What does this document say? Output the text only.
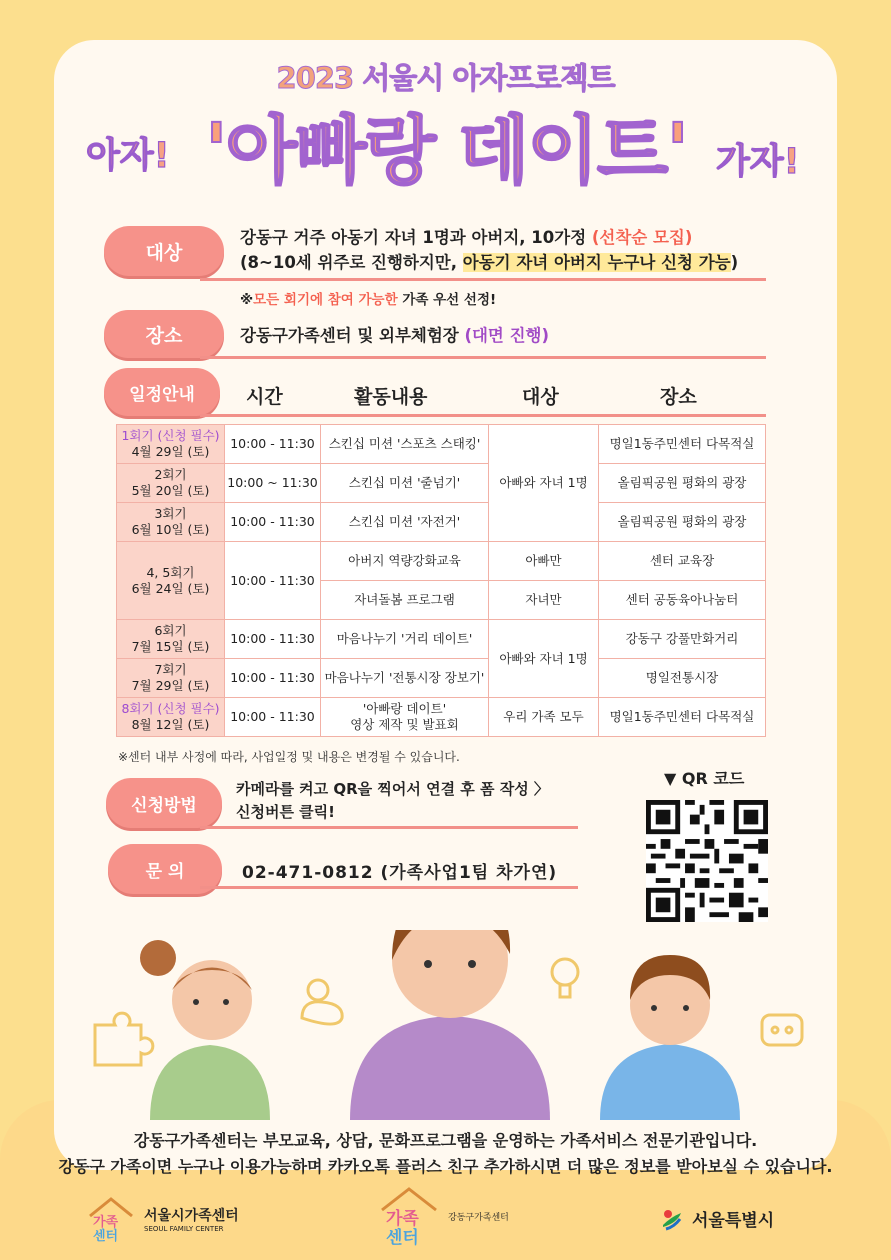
2023 서울시 아자프로젝트
아자! '아빠랑 데이트' 가자!
대상
강동구 거주 아동기 자녀 1명과 아버지, 10가정 (선착순 모집)
(8~10세 위주로 진행하지만, 아동기 자녀 아버지 누구나 신청 가능)
※모든 회기에 참여 가능한 가족 우선 선정!
장소	강동구가족센터 및 외부체험장 (대면 진행)
일정안내	시간	활동내용	대상	장소
1회기 (신청 필수)
4월 29일 (토)	10:00 - 11:30	스킨십 미션 '스포츠 스태킹'	아빠와 자녀 1명	명일1동주민센터 다목적실
2회기
5월 20일 (토)	10:00 ~ 11:30	스킨십 미션 '줄넘기'		올림픽공원 평화의 광장
3회기
6월 10일 (토)	10:00 - 11:30	스킨십 미션 '자전거'		올림픽공원 평화의 광장
4, 5회기
6월 24일 (토)	10:00 - 11:30	아버지 역량강화교육	아빠만	센터 교육장
		자녀돌봄 프로그램	자녀만	센터 공동육아나눔터
6회기
7월 15일 (토)	10:00 - 11:30	마음나누기 '거리 데이트'	아빠와 자녀 1명	강동구 강풀만화거리
7회기
7월 29일 (토)	10:00 - 11:30	마음나누기 '전통시장 장보기'		명일전통시장
8회기 (신청 필수)
8월 12일 (토)	10:00 - 11:30	'아빠랑 데이트'
영상 제작 및 발표회	우리 가족 모두	명일1동주민센터 다목적실
※센터 내부 사정에 따라, 사업일정 및 내용은 변경될 수 있습니다.
신청방법
카메라를 켜고 QR을 찍어서 연결 후 폼 작성 〉
신청버튼 클릭!
▼ QR 코드
문 의	02-471-0812 (가족사업1팀 차가연)
강동구가족센터는 부모교육, 상담, 문화프로그램을 운영하는 가족서비스 전문기관입니다.
강동구 가족이면 누구나 이용가능하며 카카오톡 플러스 친구 추가하시면 더 많은 정보를 받아보실 수 있습니다.
가족
센터
서울시가족센터
SEOUL FAMILY CENTER	가족
센터
강동구가족센터	서울특별시
